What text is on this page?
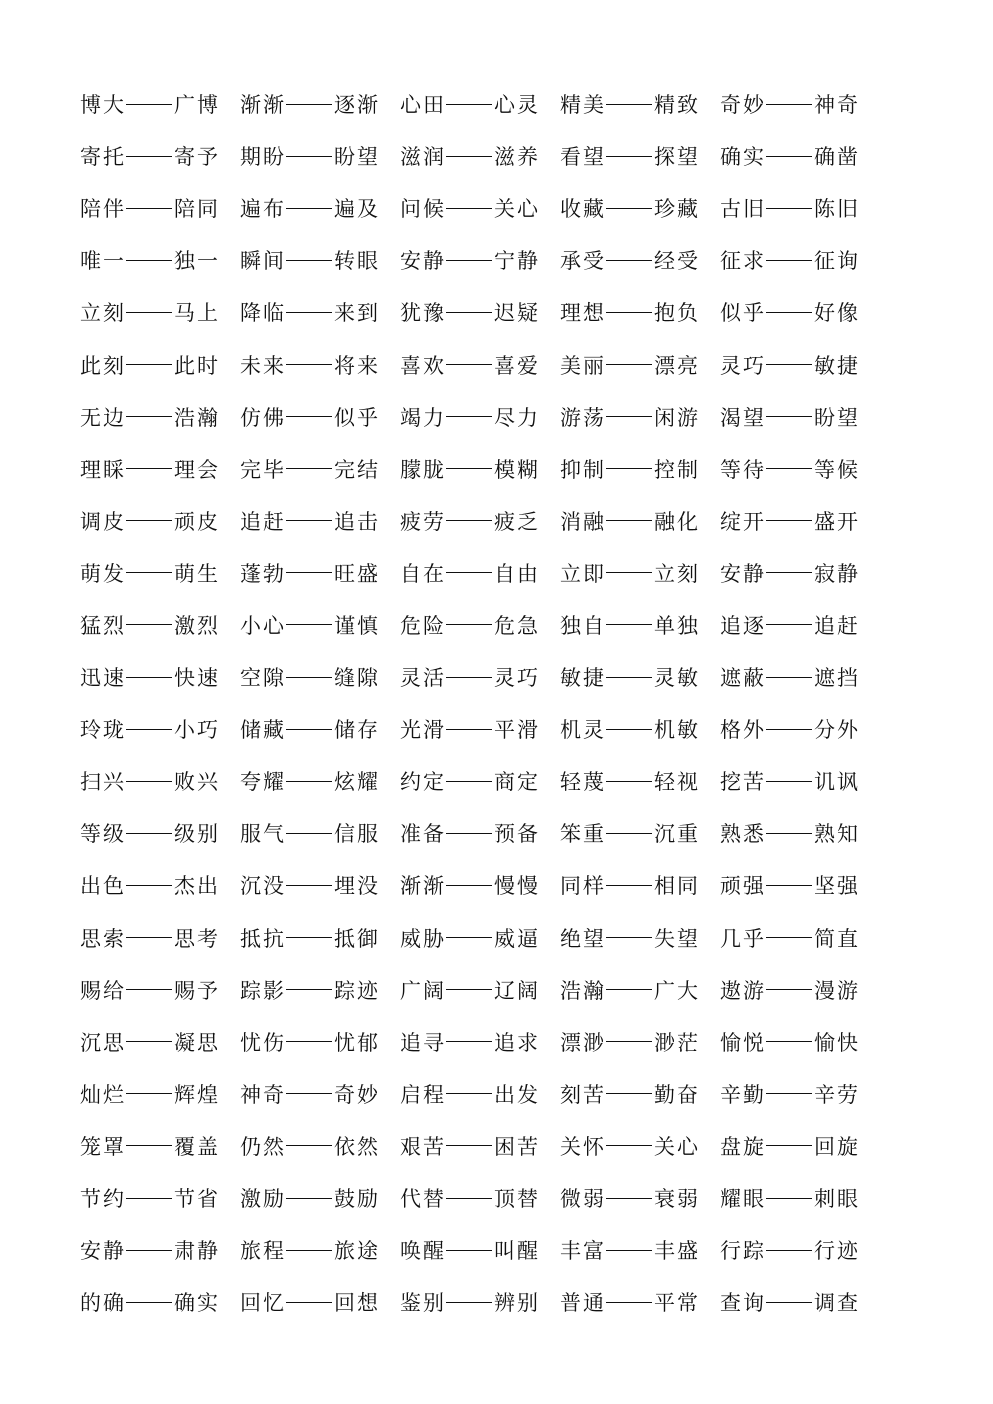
博大 广博 渐渐 逐渐 心田 心灵 精美 精致 奇妙 神奇
寄托 寄予 期盼 盼望 滋润 滋养 看望 探望 确实 确凿
陪伴 陪同 遍布 遍及 问候 关心 收藏 珍藏 古旧 陈旧
唯一 独一 瞬间 转眼 安静 宁静 承受 经受 征求 征询
立刻 马上 降临 来到 犹豫 迟疑 理想 抱负 似乎 好像
此刻 此时 未来 将来 喜欢 喜爱 美丽 漂亮 灵巧 敏捷
无边 浩瀚 仿佛 似乎 竭力 尽力 游荡 闲游 渴望 盼望
理睬 理会 完毕 完结 朦胧 模糊 抑制 控制 等待 等候
调皮 顽皮 追赶 追击 疲劳 疲乏 消融 融化 绽开 盛开
萌发 萌生 蓬勃 旺盛 自在 自由 立即 立刻 安静 寂静
猛烈 激烈 小心 谨慎 危险 危急 独自 单独 追逐 追赶
迅速 快速 空隙 缝隙 灵活 灵巧 敏捷 灵敏 遮蔽 遮挡
玲珑 小巧 储藏 储存 光滑 平滑 机灵 机敏 格外 分外
扫兴 败兴 夸耀 炫耀 约定 商定 轻蔑 轻视 挖苦 讥讽
等级 级别 服气 信服 准备 预备 笨重 沉重 熟悉 熟知
出色 杰出 沉没 埋没 渐渐 慢慢 同样 相同 顽强 坚强
思索 思考 抵抗 抵御 威胁 威逼 绝望 失望 几乎 简直
赐给 赐予 踪影 踪迹 广阔 辽阔 浩瀚 广大 遨游 漫游
沉思 凝思 忧伤 忧郁 追寻 追求 漂渺 渺茫 愉悦 愉快
灿烂 辉煌 神奇 奇妙 启程 出发 刻苦 勤奋 辛勤 辛劳
笼罩 覆盖 仍然 依然 艰苦 困苦 关怀 关心 盘旋 回旋
节约 节省 激励 鼓励 代替 顶替 微弱 衰弱 耀眼 刺眼
安静 肃静 旅程 旅途 唤醒 叫醒 丰富 丰盛 行踪 行迹
的确 确实 回忆 回想 鉴别 辨别 普通 平常 查询 调查
